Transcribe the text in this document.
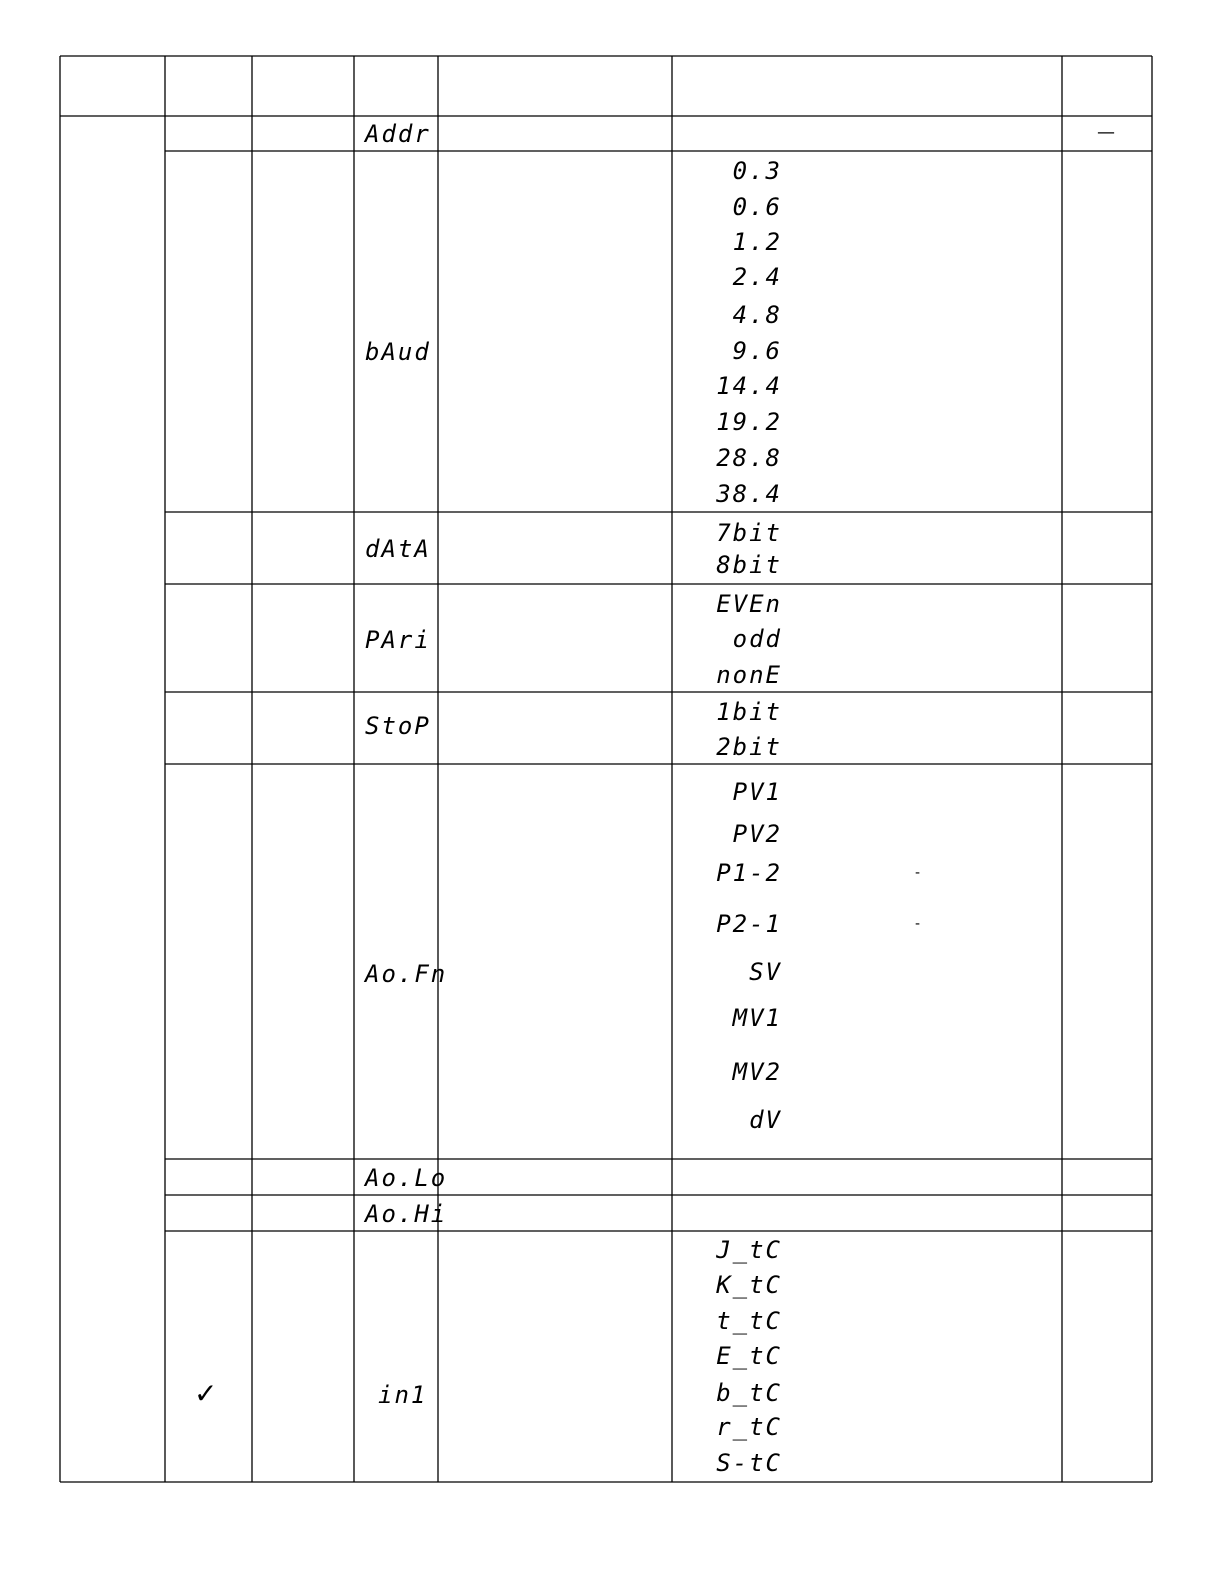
Addr	—
bAud
0.3
0.6
1.2
2.4
4.8
9.6
14.4
19.2
28.8
38.4
dAtA
7bit
8bit
PAri
EVEn
odd
nonE
StoP	1bit
2bit
Ao.Fn
PV1
PV2
P1-2
P2-1
SV
MV1
MV2
dV
-
-
Ao.Lo
Ao.Hi
in1
✓
J_tC
K_tC
t_tC
E_tC
b_tC
r_tC
S-tC
